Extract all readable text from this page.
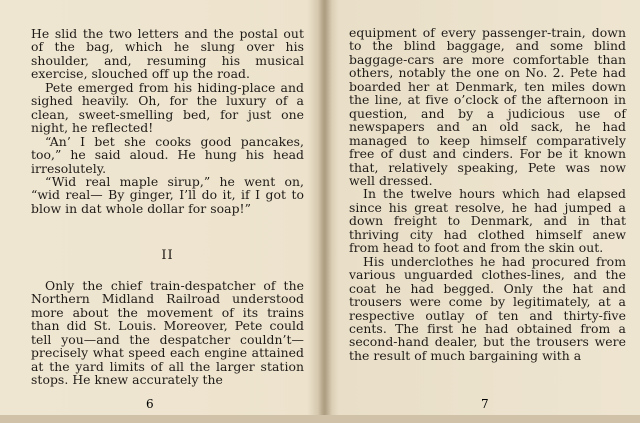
He slid the two letters and the postal out of the bag, which he slung over his shoulder, and, resuming his musical exercise, slouched off up the road.

Pete emerged from his hiding-place and sighed heavily. Oh, for the luxury of a clean, sweet-smelling bed, for just one night, he reflected!

“An’ I bet she cooks good pancakes, too,” he said aloud. He hung his head irresolutely.

“Wid real maple sirup,” he went on, “wid real— By ginger, I’ll do it, if I got to blow in dat whole dollar for soap!”

II

Only the chief train-despatcher of the Northern Midland Railroad understood more about the movement of its trains than did St. Louis. Moreover, Pete could tell you—and the despatcher couldn’t—precisely what speed each engine attained at the yard limits of all the larger station stops. He knew accurately the

6

equipment of every passenger-train, down to the blind baggage, and some blind baggage-cars are more comfortable than others, notably the one on No. 2. Pete had boarded her at Denmark, ten miles down the line, at five o’clock of the afternoon in question, and by a judicious use of newspapers and an old sack, he had managed to keep himself comparatively free of dust and cinders. For be it known that, relatively speaking, Pete was now well dressed.

In the twelve hours which had elapsed since his great resolve, he had jumped a down freight to Denmark, and in that thriving city had clothed himself anew from head to foot and from the skin out.

His underclothes he had procured from various unguarded clothes-lines, and the coat he had begged. Only the hat and trousers were come by legitimately, at a respective outlay of ten and thirty-five cents. The first he had obtained from a second-hand dealer, but the trousers were the result of much bargaining with a

7
